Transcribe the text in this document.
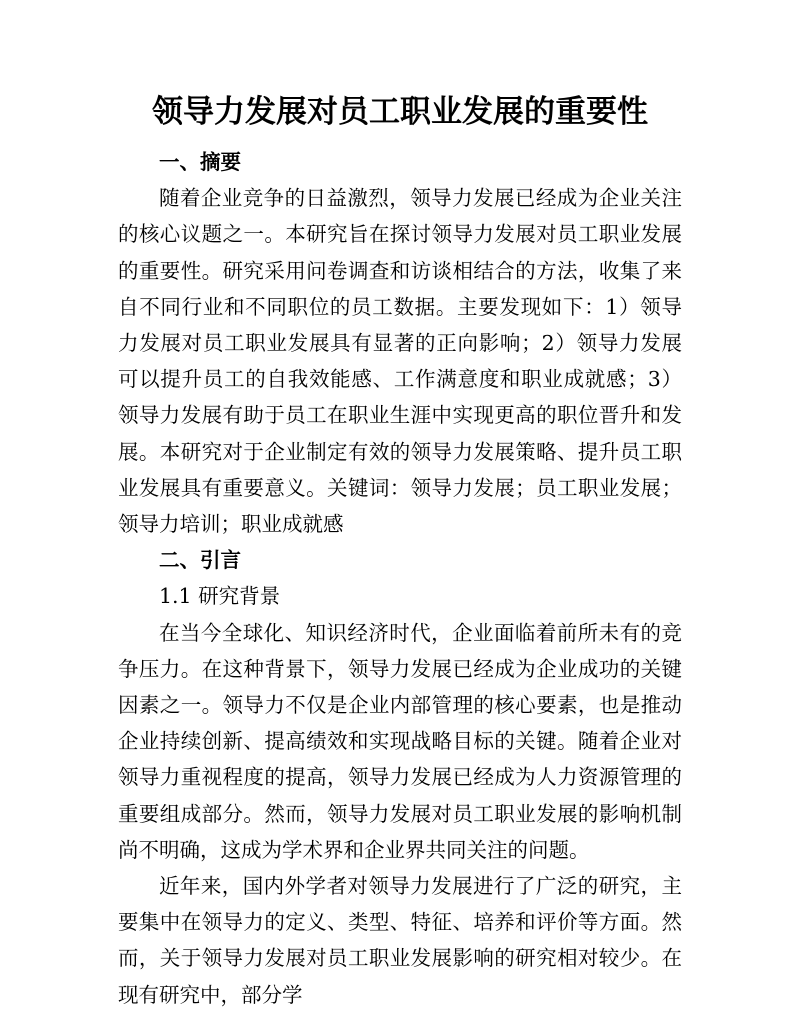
领导力发展对员工职业发展的重要性

一、摘要

随着企业竞争的日益激烈，领导力发展已经成为企业关注的核心议题之一。本研究旨在探讨领导力发展对员工职业发展的重要性。研究采用问卷调查和访谈相结合的方法，收集了来自不同行业和不同职位的员工数据。主要发现如下：1）领导力发展对员工职业发展具有显著的正向影响；2）领导力发展可以提升员工的自我效能感、工作满意度和职业成就感；3）领导力发展有助于员工在职业生涯中实现更高的职位晋升和发展。本研究对于企业制定有效的领导力发展策略、提升员工职业发展具有重要意义。关键词：领导力发展；员工职业发展；领导力培训；职业成就感

二、引言

1.1 研究背景

在当今全球化、知识经济时代，企业面临着前所未有的竞争压力。在这种背景下，领导力发展已经成为企业成功的关键因素之一。领导力不仅是企业内部管理的核心要素，也是推动企业持续创新、提高绩效和实现战略目标的关键。随着企业对领导力重视程度的提高，领导力发展已经成为人力资源管理的重要组成部分。然而，领导力发展对员工职业发展的影响机制尚不明确，这成为学术界和企业界共同关注的问题。

近年来，国内外学者对领导力发展进行了广泛的研究，主要集中在领导力的定义、类型、特征、培养和评价等方面。然而，关于领导力发展对员工职业发展影响的研究相对较少。在现有研究中，部分学
